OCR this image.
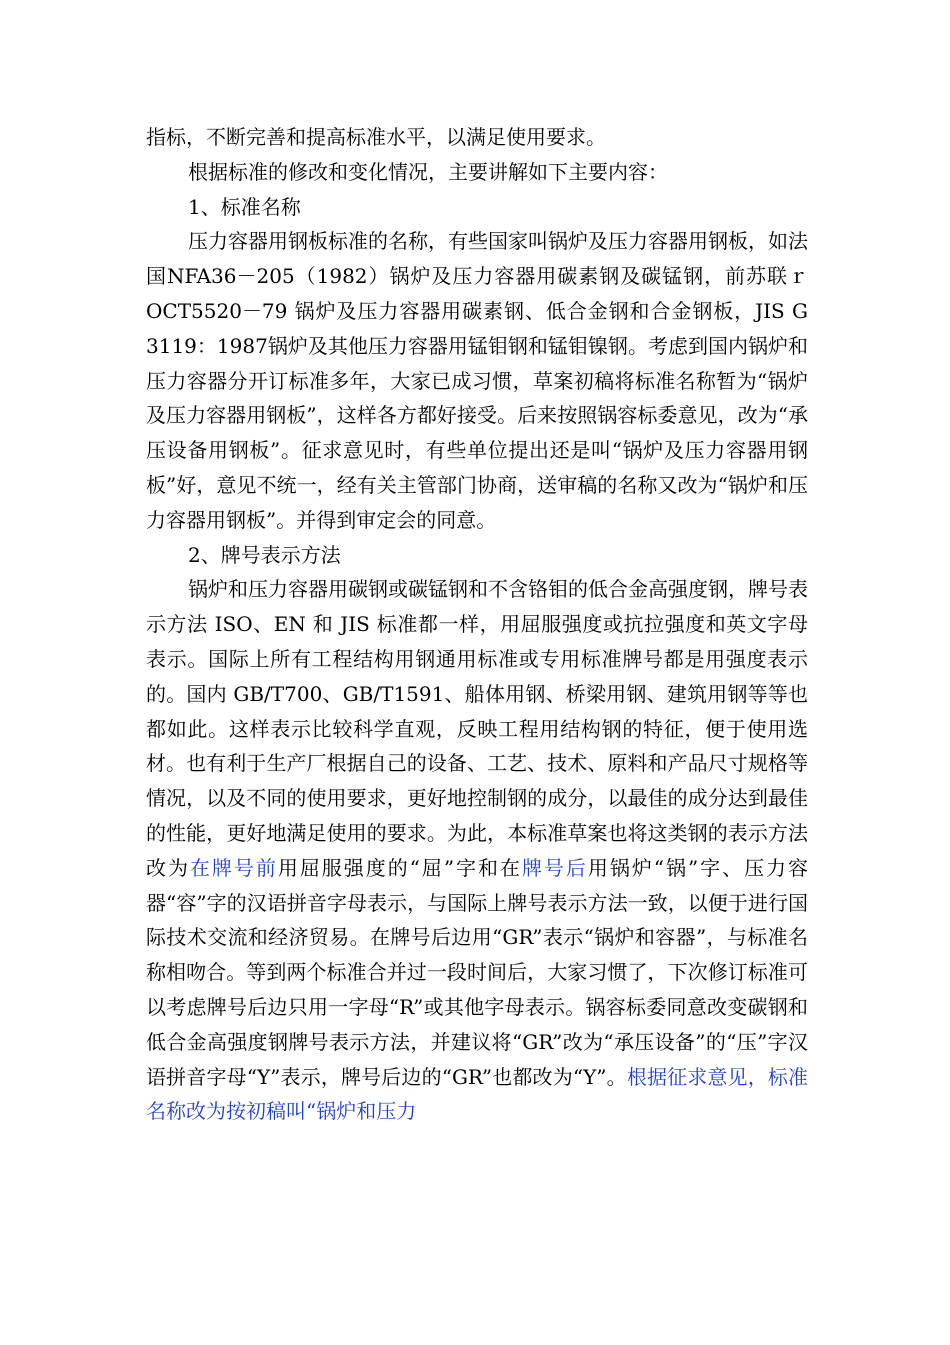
指标，不断完善和提高标准水平，以满足使用要求。

根据标准的修改和变化情况，主要讲解如下主要内容：

1、标准名称

压力容器用钢板标准的名称，有些国家叫锅炉及压力容器用钢板，如法国NFA36－205（1982）锅炉及压力容器用碳素钢及碳锰钢，前苏联ｒOCT5520－79 锅炉及压力容器用碳素钢、低合金钢和合金钢板，JIS G 3119：1987锅炉及其他压力容器用锰钼钢和锰钼镍钢。考虑到国内锅炉和压力容器分开订标准多年，大家已成习惯，草案初稿将标准名称暂为“锅炉及压力容器用钢板”，这样各方都好接受。后来按照锅容标委意见，改为“承压设备用钢板”。征求意见时，有些单位提出还是叫“锅炉及压力容器用钢板”好，意见不统一，经有关主管部门协商，送审稿的名称又改为“锅炉和压力容器用钢板”。并得到审定会的同意。

2、牌号表示方法

锅炉和压力容器用碳钢或碳锰钢和不含铬钼的低合金高强度钢，牌号表示方法 ISO、EN 和 JIS 标准都一样，用屈服强度或抗拉强度和英文字母表示。国际上所有工程结构用钢通用标准或专用标准牌号都是用强度表示的。国内 GB/T700、GB/T1591、船体用钢、桥梁用钢、建筑用钢等等也都如此。这样表示比较科学直观，反映工程用结构钢的特征，便于使用选材。也有利于生产厂根据自己的设备、工艺、技术、原料和产品尺寸规格等情况，以及不同的使用要求，更好地控制钢的成分，以最佳的成分达到最佳的性能，更好地满足使用的要求。为此，本标准草案也将这类钢的表示方法改为在牌号前用屈服强度的“屈”字和在牌号后用锅炉“锅”字、压力容器“容”字的汉语拼音字母表示，与国际上牌号表示方法一致，以便于进行国际技术交流和经济贸易。在牌号后边用“GR”表示“锅炉和容器”，与标准名称相吻合。等到两个标准合并过一段时间后，大家习惯了，下次修订标准可以考虑牌号后边只用一字母“R”或其他字母表示。锅容标委同意改变碳钢和低合金高强度钢牌号表示方法，并建议将“GR”改为“承压设备”的“压”字汉语拼音字母“Y”表示，牌号后边的“GR”也都改为“Y”。根据征求意见，标准名称改为按初稿叫“锅炉和压力
